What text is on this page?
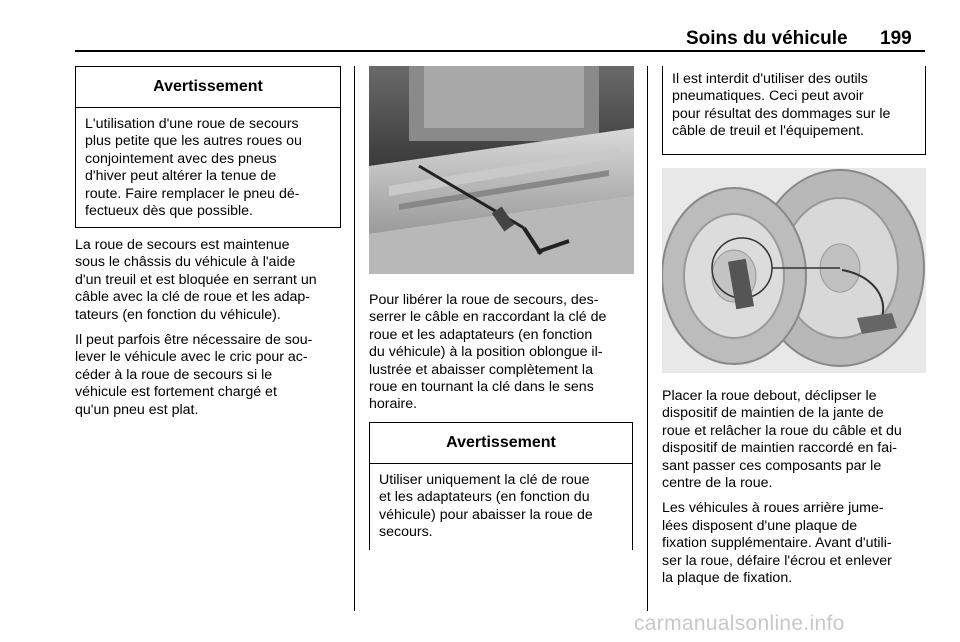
Soins du véhicule 199
Avertissement
L'utilisation d'une roue de secours
plus petite que les autres roues ou
conjointement avec des pneus
d'hiver peut altérer la tenue de
route. Faire remplacer le pneu dé-
fectueux dès que possible.

La roue de secours est maintenue
sous le châssis du véhicule à l'aide
d'un treuil et est bloquée en serrant un
câble avec la clé de roue et les adap-
tateurs (en fonction du véhicule).

Il peut parfois être nécessaire de sou-
lever le véhicule avec le cric pour ac-
céder à la roue de secours si le
véhicule est fortement chargé et
qu'un pneu est plat.

Pour libérer la roue de secours, des-
serrer le câble en raccordant la clé de
roue et les adaptateurs (en fonction
du véhicule) à la position oblongue il-
lustrée et abaisser complètement la
roue en tournant la clé dans le sens
horaire.

Avertissement
Utiliser uniquement la clé de roue
et les adaptateurs (en fonction du
véhicule) pour abaisser la roue de
secours.
Il est interdit d'utiliser des outils
pneumatiques. Ceci peut avoir
pour résultat des dommages sur le
câble de treuil et l'équipement.

Placer la roue debout, déclipser le
dispositif de maintien de la jante de
roue et relâcher la roue du câble et du
dispositif de maintien raccordé en fai-
sant passer ces composants par le
centre de la roue.

Les véhicules à roues arrière jume-
lées disposent d'une plaque de
fixation supplémentaire. Avant d'utili-
ser la roue, défaire l'écrou et enlever
la plaque de fixation.

carmanualsonline.info
